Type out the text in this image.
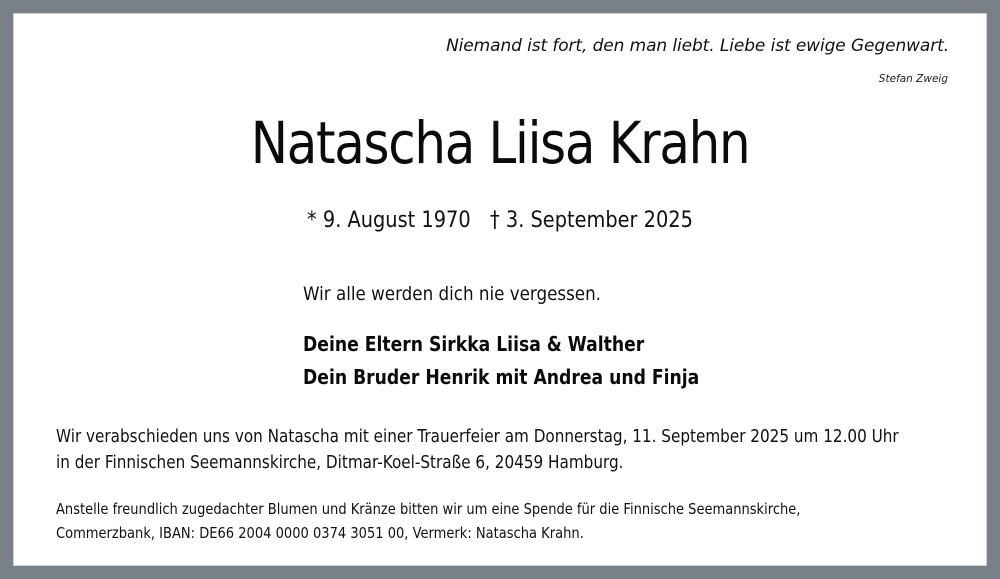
Niemand ist fort, den man liebt. Liebe ist ewige Gegenwart.
Stefan Zweig
Natascha Liisa Krahn
* 9. August 1970 † 3. September 2025
Wir alle werden dich nie vergessen.
Deine Eltern Sirkka Liisa & Walther
Dein Bruder Henrik mit Andrea und Finja
Wir verabschieden uns von Natascha mit einer Trauerfeier am Donnerstag, 11. September 2025 um 12.00 Uhr
in der Finnischen Seemannskirche, Ditmar-Koel-Straße 6, 20459 Hamburg.
Anstelle freundlich zugedachter Blumen und Kränze bitten wir um eine Spende für die Finnische Seemannskirche,
Commerzbank, IBAN: DE66 2004 0000 0374 3051 00, Vermerk: Natascha Krahn.
